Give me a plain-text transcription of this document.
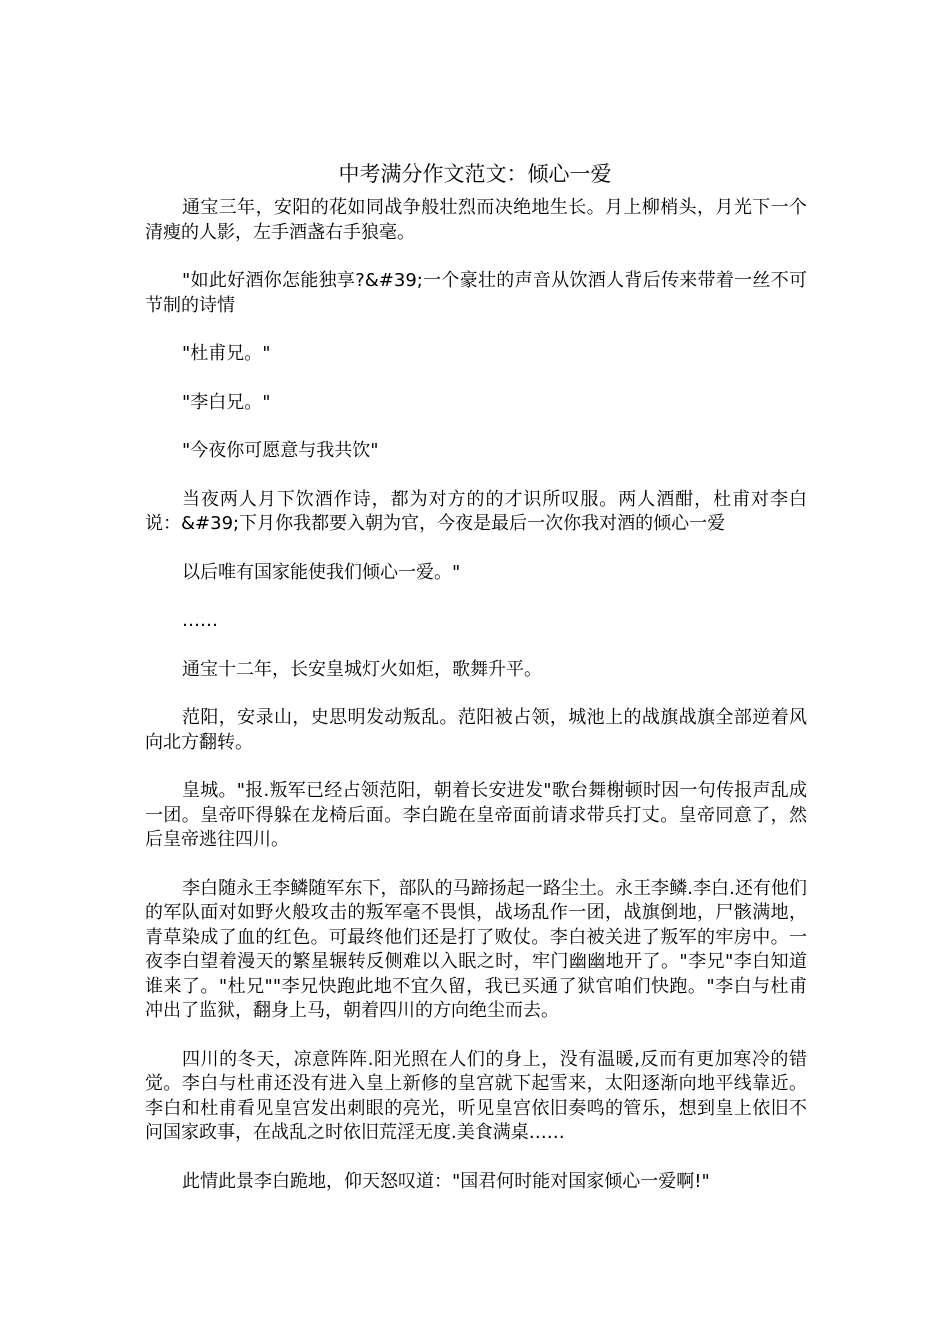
中考满分作文范文：倾心一爱

通宝三年，安阳的花如同战争般壮烈而决绝地生长。月上柳梢头，月光下一个清瘦的人影，左手酒盏右手狼毫。

"如此好酒你怎能独享?&#39;一个豪壮的声音从饮酒人背后传来带着一丝不可节制的诗情

"杜甫兄。"

"李白兄。"

"今夜你可愿意与我共饮"

当夜两人月下饮酒作诗，都为对方的的才识所叹服。两人酒酣，杜甫对李白说：&#39;下月你我都要入朝为官，今夜是最后一次你我对酒的倾心一爱

以后唯有国家能使我们倾心一爱。"

……

通宝十二年，长安皇城灯火如炬，歌舞升平。

范阳，安录山，史思明发动叛乱。范阳被占领，城池上的战旗战旗全部逆着风向北方翻转。

皇城。"报.叛军已经占领范阳，朝着长安进发"歌台舞榭顿时因一句传报声乱成一团。皇帝吓得躲在龙椅后面。李白跪在皇帝面前请求带兵打丈。皇帝同意了，然后皇帝逃往四川。

李白随永王李鳞随军东下，部队的马蹄扬起一路尘土。永王李鳞.李白.还有他们的军队面对如野火般攻击的叛军毫不畏惧，战场乱作一团，战旗倒地，尸骸满地，青草染成了血的红色。可最终他们还是打了败仗。李白被关进了叛军的牢房中。一夜李白望着漫天的繁星辗转反侧难以入眠之时，牢门幽幽地开了。"李兄"李白知道谁来了。"杜兄""李兄快跑此地不宜久留，我已买通了狱官咱们快跑。"李白与杜甫冲出了监狱，翻身上马，朝着四川的方向绝尘而去。

四川的冬天，凉意阵阵.阳光照在人们的身上，没有温暖,反而有更加寒冷的错觉。李白与杜甫还没有进入皇上新修的皇宫就下起雪来，太阳逐渐向地平线靠近。李白和杜甫看见皇宫发出刺眼的亮光，听见皇宫依旧奏鸣的管乐，想到皇上依旧不问国家政事，在战乱之时依旧荒淫无度.美食满桌……

此情此景李白跪地，仰天怒叹道："国君何时能对国家倾心一爱啊!"
